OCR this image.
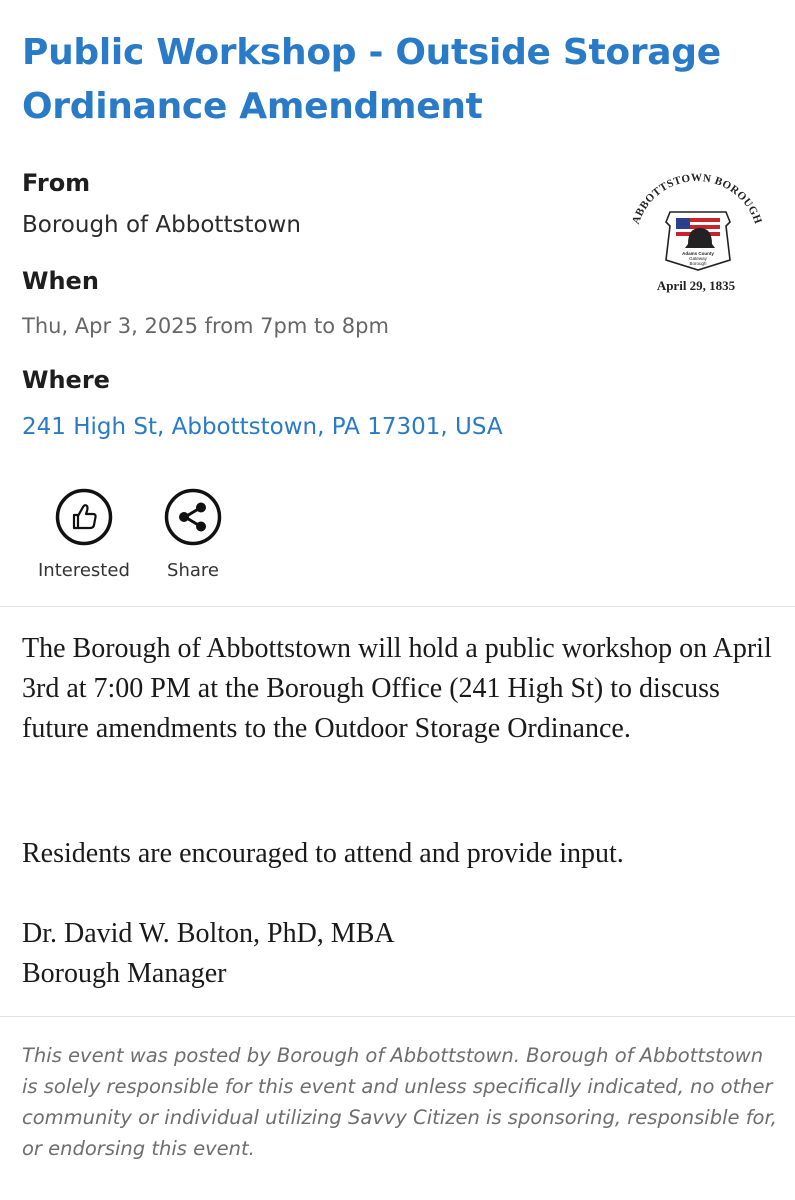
Public Workshop - Outside Storage Ordinance Amendment
From
Borough of Abbottstown
When
Thu, Apr 3, 2025 from 7pm to 8pm
Where
241 High St, Abbottstown, PA 17301, USA
ABBOTTSTOWN BOROUGH
Adams County
Gateway
Borough
April 29, 1835
Interested Share

The Borough of Abbottstown will hold a public workshop on April 3rd at 7:00 PM at the Borough Office (241 High St) to discuss future amendments to the Outdoor Storage Ordinance.

Residents are encouraged to attend and provide input.

Dr. David W. Bolton, PhD, MBA

Borough Manager

This event was posted by Borough of Abbottstown. Borough of Abbottstown is solely responsible for this event and unless specifically indicated, no other community or individual utilizing Savvy Citizen is sponsoring, responsible for, or endorsing this event.
